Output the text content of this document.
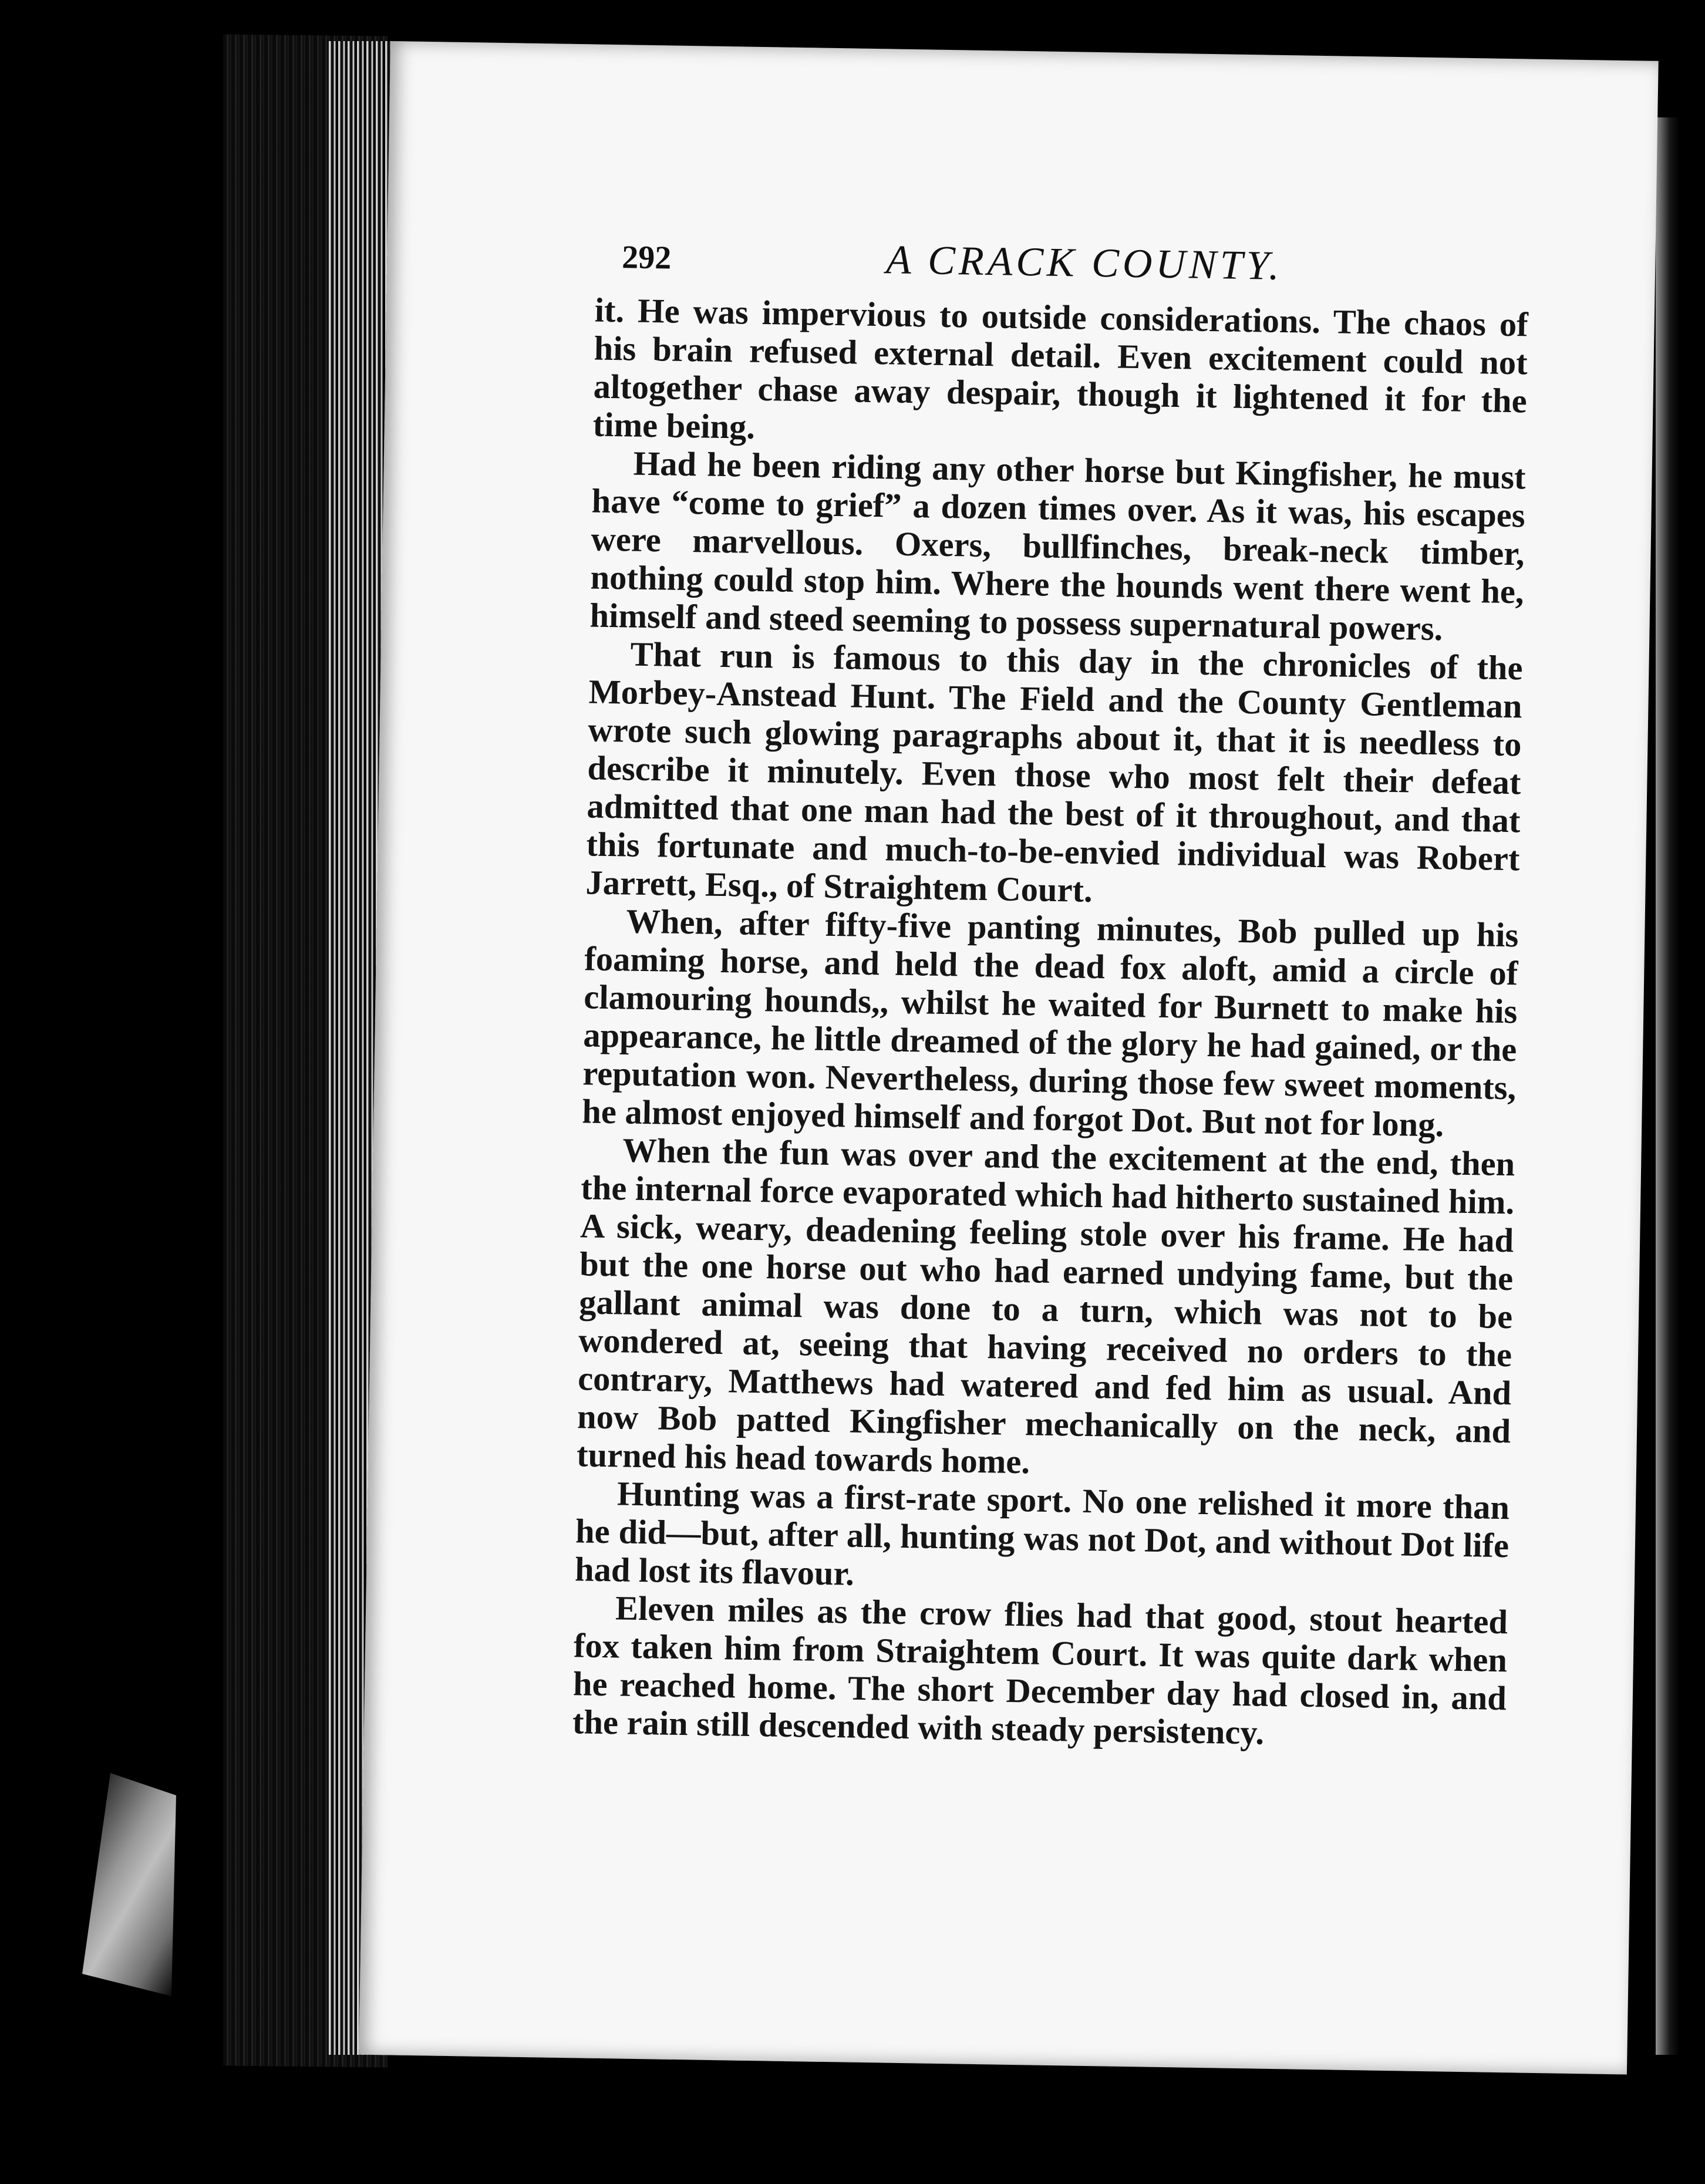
292	A CRACK COUNTY.

it. He was impervious to outside considerations. The chaos of his brain refused external detail. Even excitement could not altogether chase away despair, though it lightened it for the time being.

Had he been riding any other horse but Kingfisher, he must have “come to grief” a dozen times over. As it was, his escapes were marvellous. Oxers, bullfinches, break-neck timber, nothing could stop him. Where the hounds went there went he, himself and steed seeming to possess supernatural powers.

That run is famous to this day in the chronicles of the Morbey-Anstead Hunt. The Field and the County Gentleman wrote such glowing paragraphs about it, that it is needless to describe it minutely. Even those who most felt their defeat admitted that one man had the best of it throughout, and that this fortunate and much-to-be-envied individual was Robert Jarrett, Esq., of Straightem Court.

When, after fifty-five panting minutes, Bob pulled up his foaming horse, and held the dead fox aloft, amid a circle of clamouring hounds,, whilst he waited for Burnett to make his appearance, he little dreamed of the glory he had gained, or the reputation won. Nevertheless, during those few sweet moments, he almost enjoyed himself and forgot Dot. But not for long.

When the fun was over and the excitement at the end, then the internal force evaporated which had hitherto sustained him. A sick, weary, deadening feeling stole over his frame. He had but the one horse out who had earned undying fame, but the gallant animal was done to a turn, which was not to be wondered at, seeing that having received no orders to the contrary, Matthews had watered and fed him as usual. And now Bob patted Kingfisher mechanically on the neck, and turned his head towards home.

Hunting was a first-rate sport. No one relished it more than he did—but, after all, hunting was not Dot, and without Dot life had lost its flavour.

Eleven miles as the crow flies had that good, stout hearted fox taken him from Straightem Court. It was quite dark when he reached home. The short December day had closed in, and the rain still descended with steady persistency.
